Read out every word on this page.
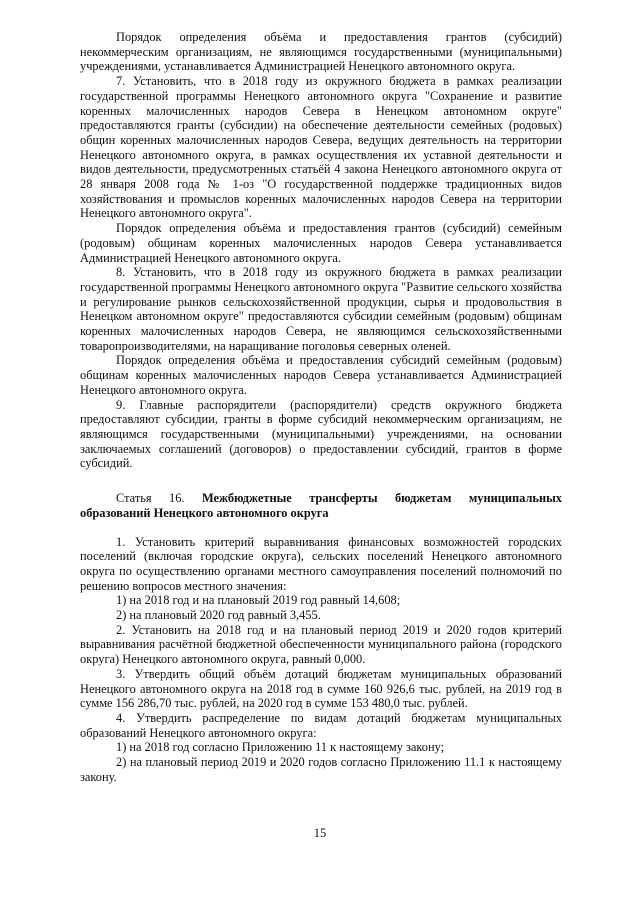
Порядок определения объёма и предоставления грантов (субсидий) некоммерческим организациям, не являющимся государственными (муниципальными) учреждениями, устанавливается Администрацией Ненецкого автономного округа.

7. Установить, что в 2018 году из окружного бюджета в рамках реализации государственной программы Ненецкого автономного округа "Сохранение и развитие коренных малочисленных народов Севера в Ненецком автономном округе" предоставляются гранты (субсидии) на обеспечение деятельности семейных (родовых) общин коренных малочисленных народов Севера, ведущих деятельность на территории Ненецкого автономного округа, в рамках осуществления их уставной деятельности и видов деятельности, предусмотренных статьёй 4 закона Ненецкого автономного округа от 28 января 2008 года № 1-оз "О государственной поддержке традиционных видов хозяйствования и промыслов коренных малочисленных народов Севера на территории Ненецкого автономного округа".

Порядок определения объёма и предоставления грантов (субсидий) семейным (родовым) общинам коренных малочисленных народов Севера устанавливается Администрацией Ненецкого автономного округа.

8. Установить, что в 2018 году из окружного бюджета в рамках реализации государственной программы Ненецкого автономного округа "Развитие сельского хозяйства и регулирование рынков сельскохозяйственной продукции, сырья и продовольствия в Ненецком автономном округе" предоставляются субсидии семейным (родовым) общинам коренных малочисленных народов Севера, не являющимся сельскохозяйственными товаропроизводителями, на наращивание поголовья северных оленей.

Порядок определения объёма и предоставления субсидий семейным (родовым) общинам коренных малочисленных народов Севера устанавливается Администрацией Ненецкого автономного округа.

9. Главные распорядители (распорядители) средств окружного бюджета предоставляют субсидии, гранты в форме субсидий некоммерческим организациям, не являющимся государственными (муниципальными) учреждениями, на основании заключаемых соглашений (договоров) о предоставлении субсидий, грантов в форме субсидий.

Статья 16. Межбюджетные трансферты бюджетам муниципальных образований Ненецкого автономного округа

1. Установить критерий выравнивания финансовых возможностей городских поселений (включая городские округа), сельских поселений Ненецкого автономного округа по осуществлению органами местного самоуправления поселений полномочий по решению вопросов местного значения:

1) на 2018 год и на плановый 2019 год равный 14,608;

2) на плановый 2020 год равный 3,455.

2. Установить на 2018 год и на плановый период 2019 и 2020 годов критерий выравнивания расчётной бюджетной обеспеченности муниципального района (городского округа) Ненецкого автономного округа, равный 0,000.

3. Утвердить общий объём дотаций бюджетам муниципальных образований Ненецкого автономного округа на 2018 год в сумме 160 926,6 тыс. рублей, на 2019 год в сумме 156 286,70 тыс. рублей, на 2020 год в сумме 153 480,0 тыс. рублей.

4. Утвердить распределение по видам дотаций бюджетам муниципальных образований Ненецкого автономного округа:

1) на 2018 год согласно Приложению 11 к настоящему закону;

2) на плановый период 2019 и 2020 годов согласно Приложению 11.1 к настоящему закону.

15
